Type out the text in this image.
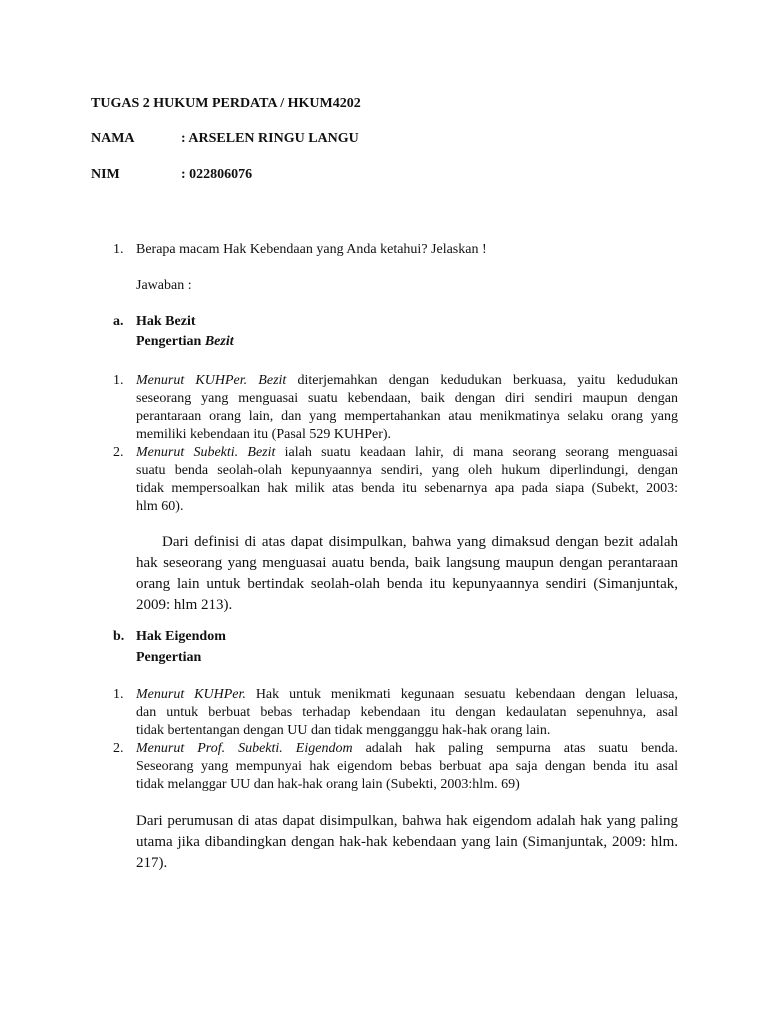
TUGAS 2 HUKUM PERDATA / HKUM4202
NAMA	: ARSELEN RINGU LANGU
NIM	: 022806076
1. Berapa macam Hak Kebendaan yang Anda ketahui? Jelaskan !
Jawaban :
a. Hak Bezit
Pengertian Bezit
1. Menurut KUHPer. Bezit diterjemahkan dengan kedudukan berkuasa, yaitu kedudukan
seseorang yang menguasai suatu kebendaan, baik dengan diri sendiri maupun dengan
perantaraan orang lain, dan yang mempertahankan atau menikmatinya selaku orang yang
memiliki kebendaan itu (Pasal 529 KUHPer).
2. Menurut Subekti. Bezit ialah suatu keadaan lahir, di mana seorang seorang menguasai
suatu benda seolah-olah kepunyaannya sendiri, yang oleh hukum diperlindungi, dengan
tidak mempersoalkan hak milik atas benda itu sebenarnya apa pada siapa (Subekt, 2003:
hlm 60).
Dari definisi di atas dapat disimpulkan, bahwa yang dimaksud dengan bezit adalah
hak seseorang yang menguasai auatu benda, baik langsung maupun dengan perantaraan
orang lain untuk bertindak seolah-olah benda itu kepunyaannya sendiri (Simanjuntak,
2009: hlm 213).
b. Hak Eigendom
Pengertian
1. Menurut KUHPer. Hak untuk menikmati kegunaan sesuatu kebendaan dengan leluasa,
dan untuk berbuat bebas terhadap kebendaan itu dengan kedaulatan sepenuhnya, asal
tidak bertentangan dengan UU dan tidak mengganggu hak-hak orang lain.
2. Menurut Prof. Subekti. Eigendom adalah hak paling sempurna atas suatu benda.
Seseorang yang mempunyai hak eigendom bebas berbuat apa saja dengan benda itu asal
tidak melanggar UU dan hak-hak orang lain (Subekti, 2003:hlm. 69)
Dari perumusan di atas dapat disimpulkan, bahwa hak eigendom adalah hak yang paling
utama jika dibandingkan dengan hak-hak kebendaan yang lain (Simanjuntak, 2009: hlm.
217).
